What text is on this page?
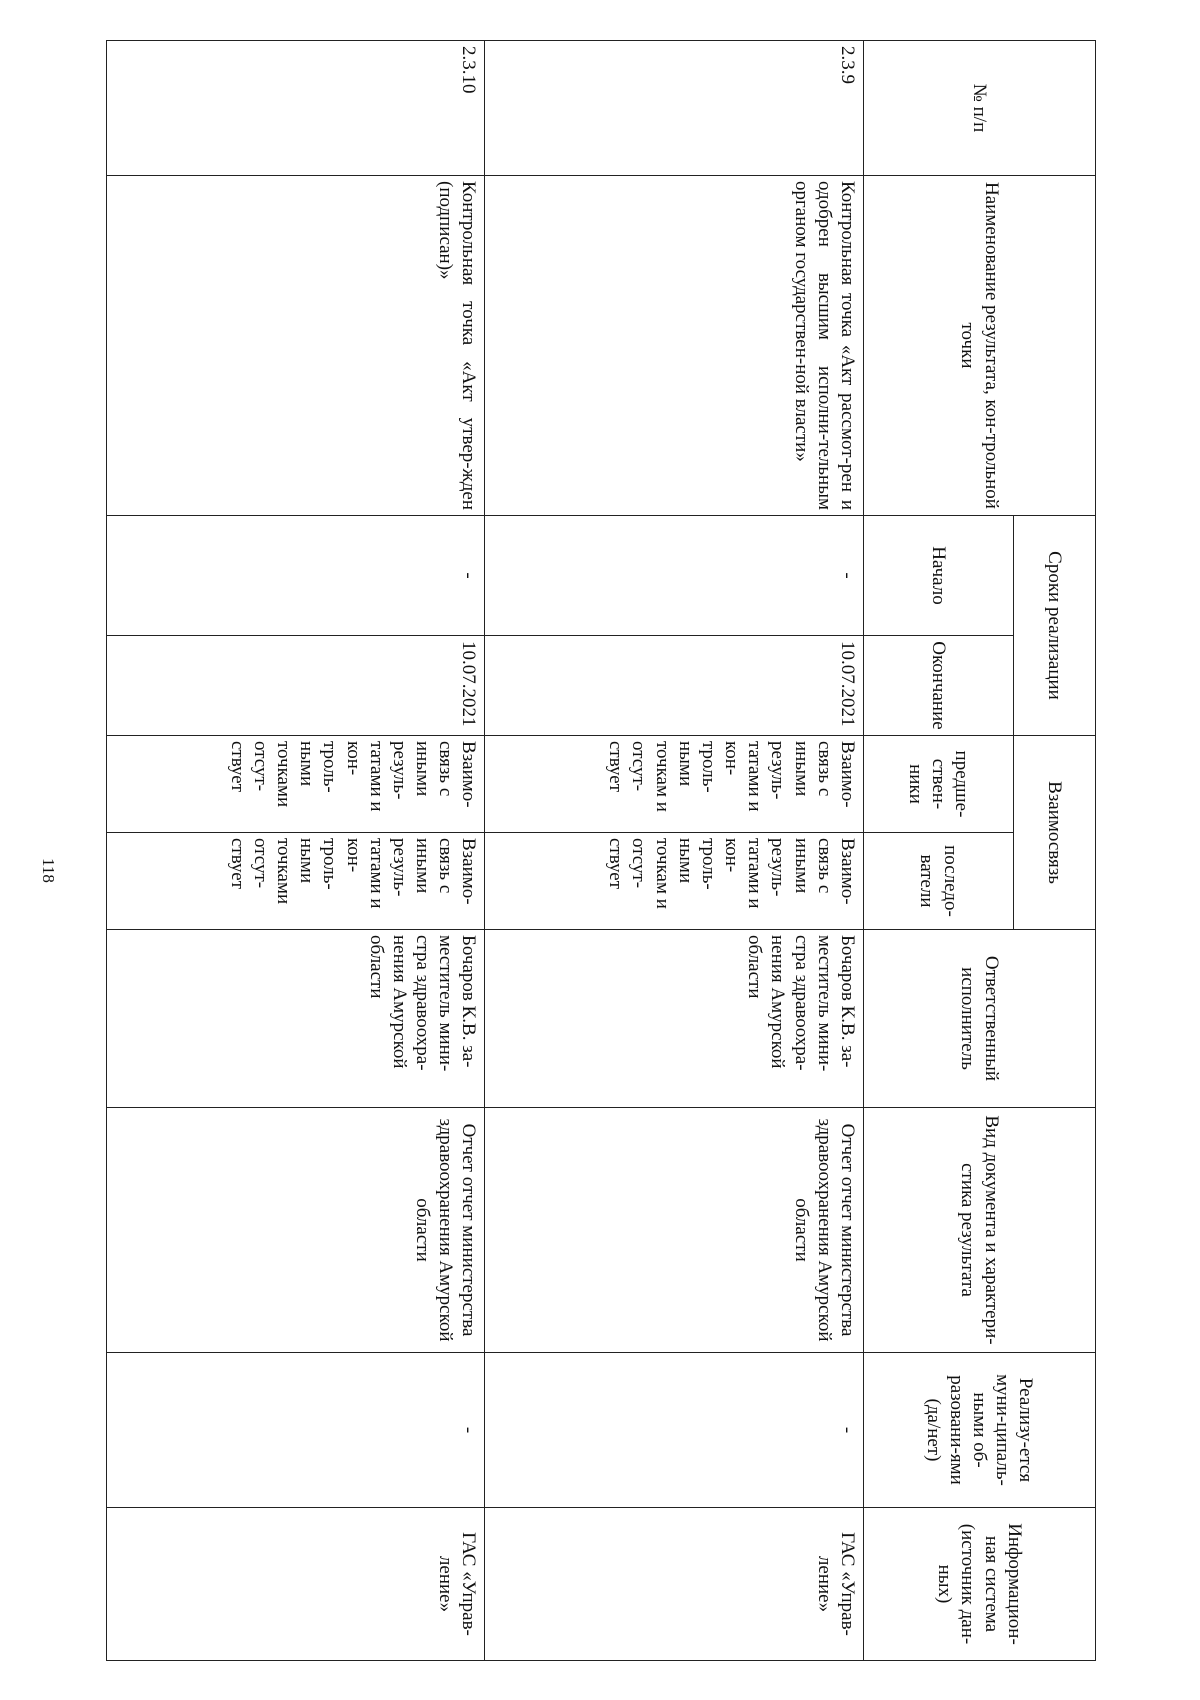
118
№ п/п	Наименование результата, кон-трольной точки	Сроки реализации		Взаимосвязь		Ответственный исполнитель	Вид документа и характери-стика результата	Реализу-ется муни-ципаль-ными об-разовани-ями (да/нет)	Информацион-ная система (источник дан-ных)
		Начало	Окончание	предше-ствен-ники	последо-ватели				
2.3.9	Контрольная точка «Акт рассмот-рен и одобрен высшим исполни-тельным органом государствен-ной власти»	-	10.07.2021	Взаимо-связь с иными резуль-татами и кон-троль-ными точкам и отсут-ствует	Взаимо-связь с иными резуль-татами и кон-троль-ными точкам и отсут-ствует	Бочаров К.В. за-меститель мини-стра здравоохра-нения Амурской области	Отчет отчет министерства здравоохранения Амурской области	-	ГАС «Управ-ление»
2.3.10	Контрольная точка «Акт утвер-жден (подписан)»	-	10.07.2021	Взаимо-связь с иными резуль-татами и кон-троль-ными точками отсут-ствует	Взаимо-связь с иными резуль-татами и кон-троль-ными точками отсут-ствует	Бочаров К.В. за-меститель мини-стра здравоохра-нения Амурской области	Отчет отчет министерства здравоохранения Амурской области	-	ГАС «Управ-ление»
